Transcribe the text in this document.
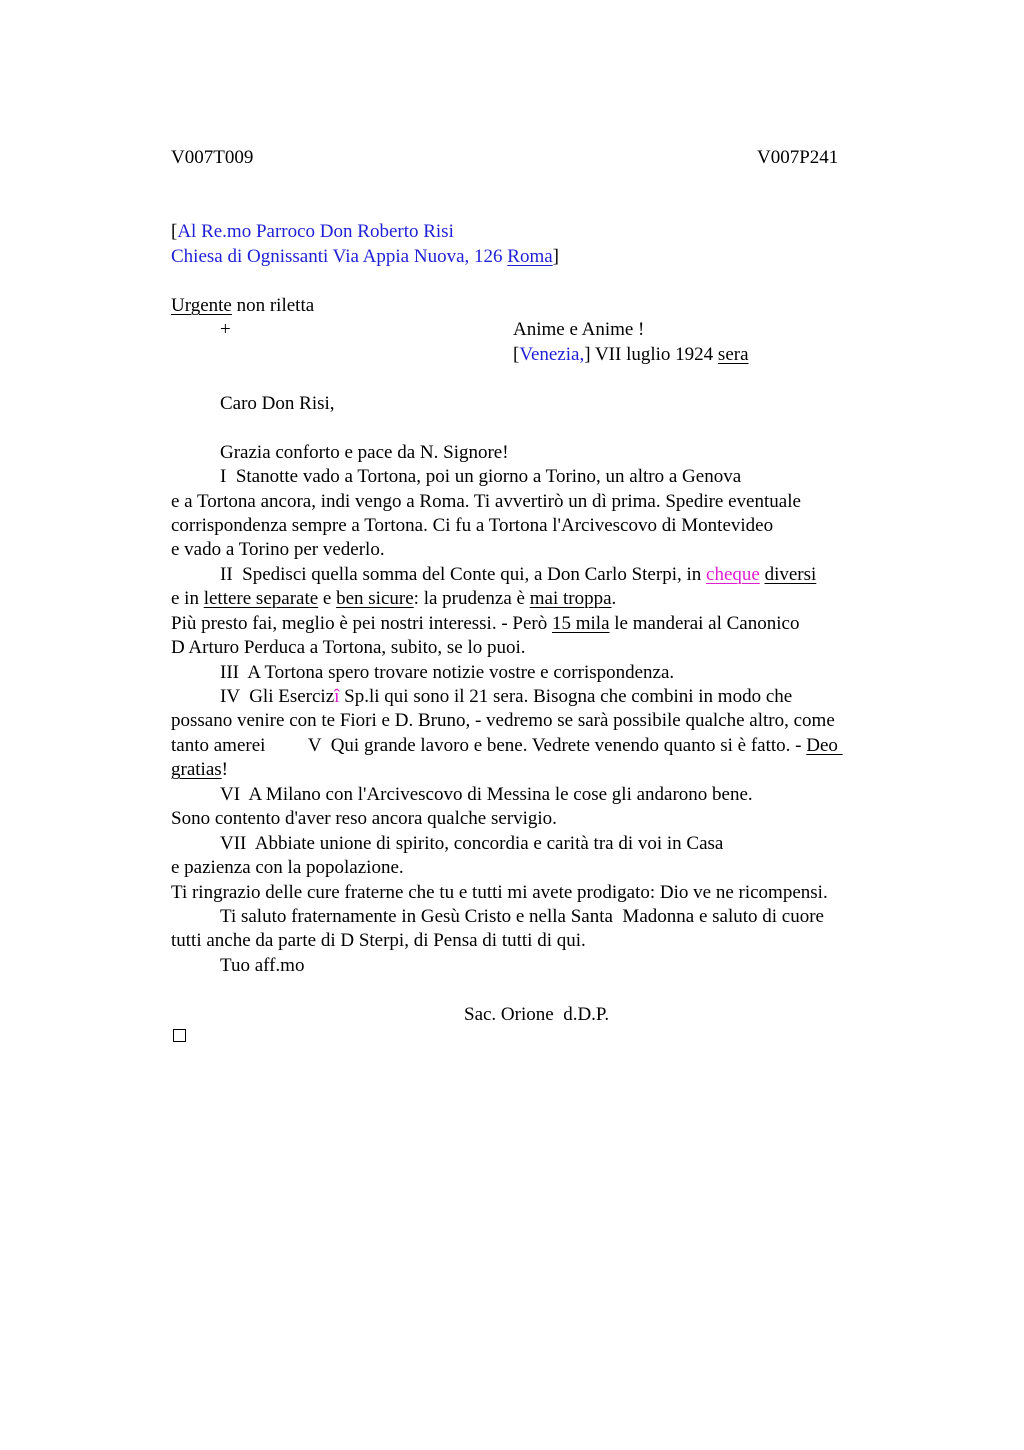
V007T009	V007P241
[Al Re.mo Parroco Don Roberto Risi
Chiesa di Ognissanti Via Appia Nuova, 126 Roma]
Urgente non riletta
+	Anime e Anime !
[Venezia,] VII luglio 1924 sera
Caro Don Risi,
Grazia conforto e pace da N. Signore!
I  Stanotte vado a Tortona, poi un giorno a Torino, un altro a Genova
e a Tortona ancora, indi vengo a Roma. Ti avvertirò un dì prima. Spedire eventuale
corrispondenza sempre a Tortona. Ci fu a Tortona l'Arcivescovo di Montevideo
e vado a Torino per vederlo.
II  Spedisci quella somma del Conte qui, a Don Carlo Sterpi, in cheque diversi
e in lettere separate e ben sicure: la prudenza è mai troppa.
Più presto fai, meglio è pei nostri interessi. - Però 15 mila le manderai al Canonico
D Arturo Perduca a Tortona, subito, se lo puoi.
III  A Tortona spero trovare notizie vostre e corrispondenza.
IV  Gli Esercizî Sp.li qui sono il 21 sera. Bisogna che combini in modo che
possano venire con te Fiori e D. Bruno, - vedremo se sarà possibile qualche altro, come
tanto amerei         V  Qui grande lavoro e bene. Vedrete venendo quanto si è fatto. - Deo
gratias!
VI  A Milano con l'Arcivescovo di Messina le cose gli andarono bene.
Sono contento d'aver reso ancora qualche servigio.
VII  Abbiate unione di spirito, concordia e carità tra di voi in Casa
e pazienza con la popolazione.
Ti ringrazio delle cure fraterne che tu e tutti mi avete prodigato: Dio ve ne ricompensi.
Ti saluto fraternamente in Gesù Cristo e nella Santa  Madonna e saluto di cuore
tutti anche da parte di D Sterpi, di Pensa di tutti di qui.
Tuo aff.mo
Sac. Orione  d.D.P.
